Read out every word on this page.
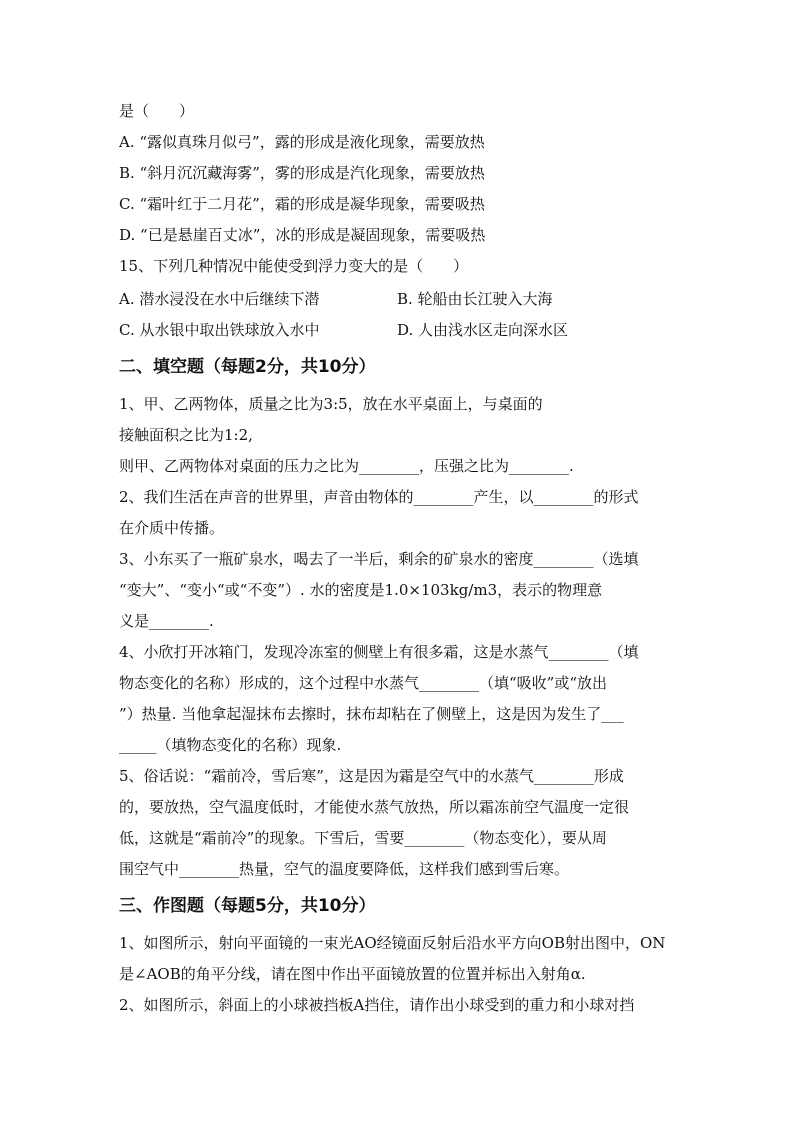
是（　　）
A. “露似真珠月似弓”，露的形成是液化现象，需要放热
B. “斜月沉沉藏海雾”，雾的形成是汽化现象，需要放热
C. “霜叶红于二月花”，霜的形成是凝华现象，需要吸热
D. “已是悬崖百丈冰”，冰的形成是凝固现象，需要吸热
15、下列几种情况中能使受到浮力变大的是（　　）
A. 潜水浸没在水中后继续下潜	B. 轮船由长江驶入大海
C. 从水银中取出铁球放入水中	D. 人由浅水区走向深水区
二、填空题（每题2分，共10分）
1、甲、乙两物体，质量之比为3:5，放在水平桌面上，与桌面的
接触面积之比为1:2,
则甲、乙两物体对桌面的压力之比为________，压强之比为________.
2、我们生活在声音的世界里，声音由物体的________产生，以________的形式
在介质中传播。
3、小东买了一瓶矿泉水，喝去了一半后，剩余的矿泉水的密度________（选填
“变大”、“变小“或“不变”）. 水的密度是1.0×103kg/m3，表示的物理意
义是________.
4、小欣打开冰箱门，发现冷冻室的侧壁上有很多霜，这是水蒸气________（填
物态变化的名称）形成的，这个过程中水蒸气________（填“吸收”或“放出
”）热量. 当他拿起湿抹布去擦时，抹布却粘在了侧壁上，这是因为发生了___
_____（填物态变化的名称）现象.
5、俗话说：“霜前冷，雪后寒”，这是因为霜是空气中的水蒸气________形成
的，要放热，空气温度低时，才能使水蒸气放热，所以霜冻前空气温度一定很
低，这就是“霜前冷”的现象。下雪后，雪要________（物态变化），要从周
围空气中________热量，空气的温度要降低，这样我们感到雪后寒。
三、作图题（每题5分，共10分）
1、如图所示，射向平面镜的一束光AO经镜面反射后沿水平方向OB射出图中，ON
是∠AOB的角平分线，请在图中作出平面镜放置的位置并标出入射角α.
2、如图所示，斜面上的小球被挡板A挡住，请作出小球受到的重力和小球对挡
